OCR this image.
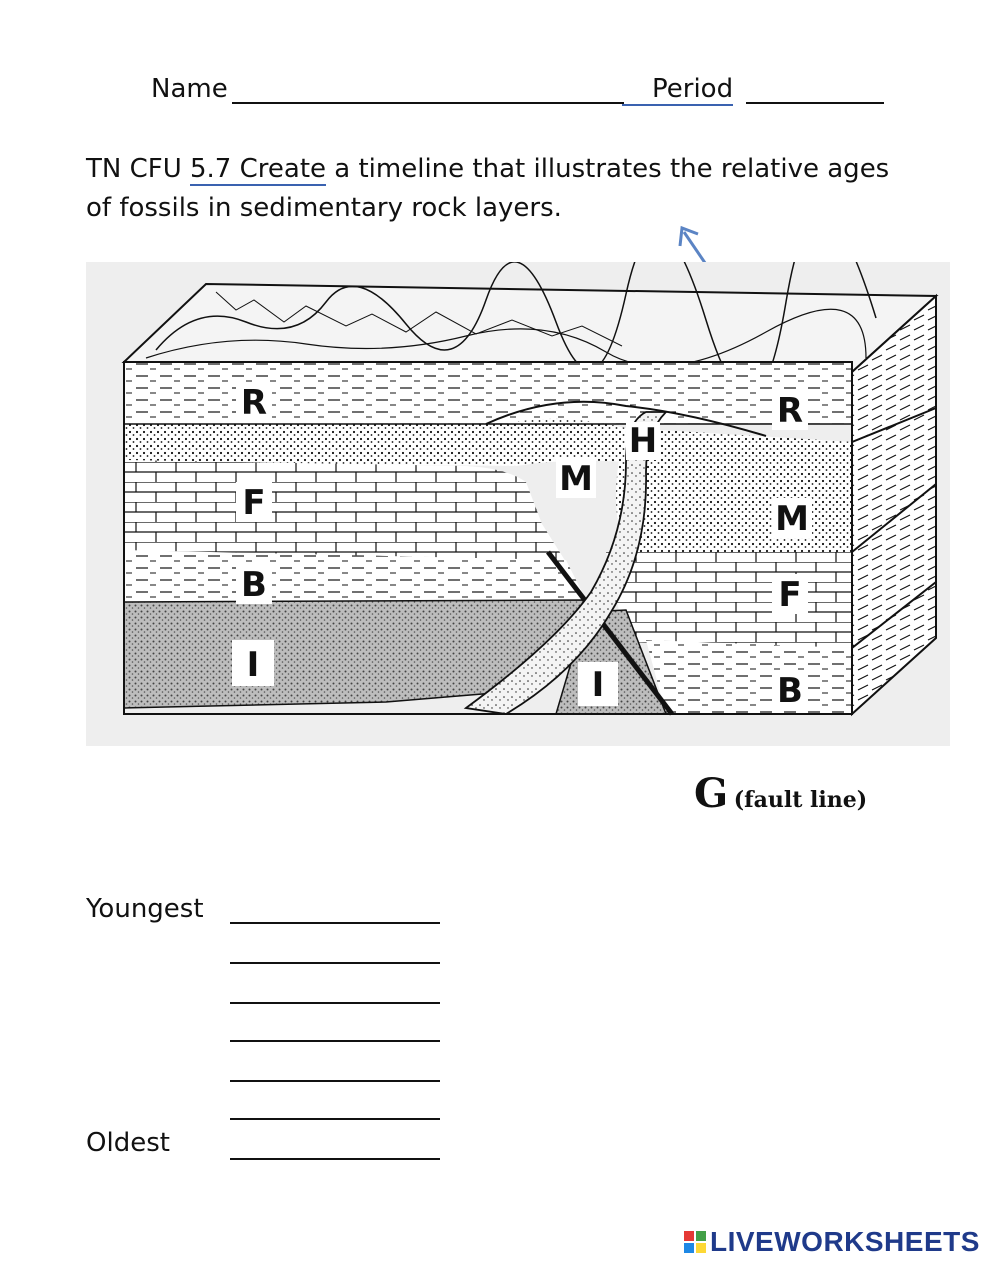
Name	Period
TN CFU 5.7 Create a timeline that illustrates the relative ages
of fossils in sedimentary rock layers.
R	R
M
M
F
F
B
B
I	I
H
G (fault line)
Youngest
Oldest
LIVEWORKSHEETS
